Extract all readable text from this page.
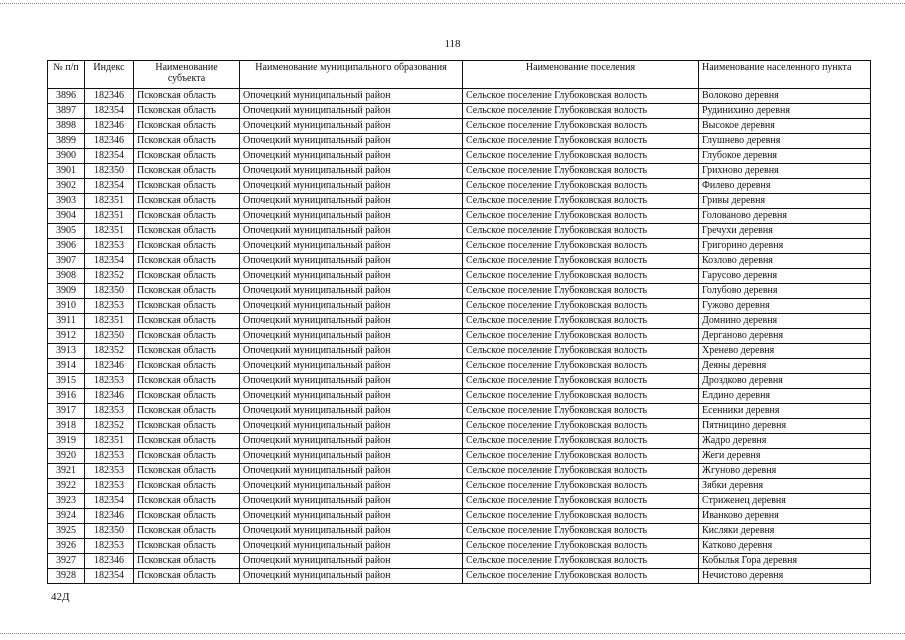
118
№ п/п	Индекс	Наименование субъекта	Наименование муниципального образования	Наименование поселения	Наименование населенного пункта
3896	182346	Псковская область	Опочецкий муниципальный район	Сельское поселение Глубоковская волость	Волоково деревня
3897	182354	Псковская область	Опочецкий муниципальный район	Сельское поселение Глубоковская волость	Рудинихино деревня
3898	182346	Псковская область	Опочецкий муниципальный район	Сельское поселение Глубоковская волость	Высокое деревня
3899	182346	Псковская область	Опочецкий муниципальный район	Сельское поселение Глубоковская волость	Глушнево деревня
3900	182354	Псковская область	Опочецкий муниципальный район	Сельское поселение Глубоковская волость	Глубокое деревня
3901	182350	Псковская область	Опочецкий муниципальный район	Сельское поселение Глубоковская волость	Грихново деревня
3902	182354	Псковская область	Опочецкий муниципальный район	Сельское поселение Глубоковская волость	Филево деревня
3903	182351	Псковская область	Опочецкий муниципальный район	Сельское поселение Глубоковская волость	Гривы деревня
3904	182351	Псковская область	Опочецкий муниципальный район	Сельское поселение Глубоковская волость	Голованово деревня
3905	182351	Псковская область	Опочецкий муниципальный район	Сельское поселение Глубоковская волость	Гречухи деревня
3906	182353	Псковская область	Опочецкий муниципальный район	Сельское поселение Глубоковская волость	Григорино деревня
3907	182354	Псковская область	Опочецкий муниципальный район	Сельское поселение Глубоковская волость	Козлово деревня
3908	182352	Псковская область	Опочецкий муниципальный район	Сельское поселение Глубоковская волость	Гарусово деревня
3909	182350	Псковская область	Опочецкий муниципальный район	Сельское поселение Глубоковская волость	Голубово деревня
3910	182353	Псковская область	Опочецкий муниципальный район	Сельское поселение Глубоковская волость	Гужово деревня
3911	182351	Псковская область	Опочецкий муниципальный район	Сельское поселение Глубоковская волость	Домнино деревня
3912	182350	Псковская область	Опочецкий муниципальный район	Сельское поселение Глубоковская волость	Дерганово деревня
3913	182352	Псковская область	Опочецкий муниципальный район	Сельское поселение Глубоковская волость	Хренево деревня
3914	182346	Псковская область	Опочецкий муниципальный район	Сельское поселение Глубоковская волость	Деяны деревня
3915	182353	Псковская область	Опочецкий муниципальный район	Сельское поселение Глубоковская волость	Дроздково деревня
3916	182346	Псковская область	Опочецкий муниципальный район	Сельское поселение Глубоковская волость	Елдино деревня
3917	182353	Псковская область	Опочецкий муниципальный район	Сельское поселение Глубоковская волость	Есенники деревня
3918	182352	Псковская область	Опочецкий муниципальный район	Сельское поселение Глубоковская волость	Пятницино деревня
3919	182351	Псковская область	Опочецкий муниципальный район	Сельское поселение Глубоковская волость	Жадро деревня
3920	182353	Псковская область	Опочецкий муниципальный район	Сельское поселение Глубоковская волость	Жеги деревня
3921	182353	Псковская область	Опочецкий муниципальный район	Сельское поселение Глубоковская волость	Жгуново деревня
3922	182353	Псковская область	Опочецкий муниципальный район	Сельское поселение Глубоковская волость	Зябки деревня
3923	182354	Псковская область	Опочецкий муниципальный район	Сельское поселение Глубоковская волость	Стриженец деревня
3924	182346	Псковская область	Опочецкий муниципальный район	Сельское поселение Глубоковская волость	Иванково деревня
3925	182350	Псковская область	Опочецкий муниципальный район	Сельское поселение Глубоковская волость	Кисляки деревня
3926	182353	Псковская область	Опочецкий муниципальный район	Сельское поселение Глубоковская волость	Катково деревня
3927	182346	Псковская область	Опочецкий муниципальный район	Сельское поселение Глубоковская волость	Кобылья Гора деревня
3928	182354	Псковская область	Опочецкий муниципальный район	Сельское поселение Глубоковская волость	Нечистово деревня
42Д
